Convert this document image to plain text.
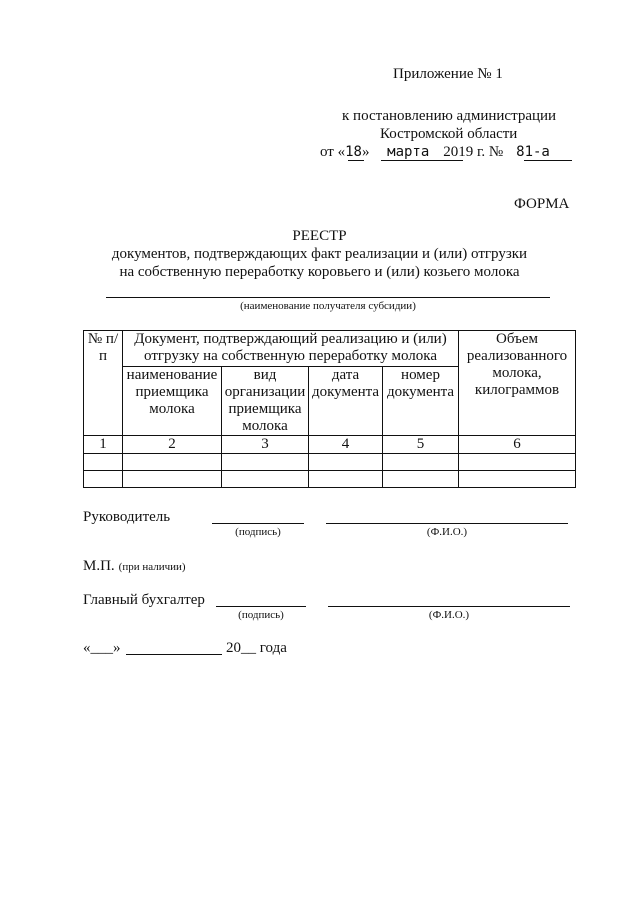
Приложение № 1
к постановлению администрации
Костромской области
от «18» марта 2019 г. № 81-а
ФОРМА
РЕЕСТР
документов, подтверждающих факт реализации и (или) отгрузки
на собственную переработку коровьего и (или) козьего молока
(наименование получателя субсидии)
№ п/п	Документ, подтверждающий реализацию и (или) отгрузку на собственную переработку молока				Объем реализованного молока, килограммов
	наименование приемщика молока	вид организации приемщика молока	дата документа	номер документа	
1	2	3	4	5	6

Руководитель
(подпись)	(Ф.И.О.)
М.П. (при наличии)
Главный бухгалтер
(подпись)	(Ф.И.О.)
«___»	20__ года
